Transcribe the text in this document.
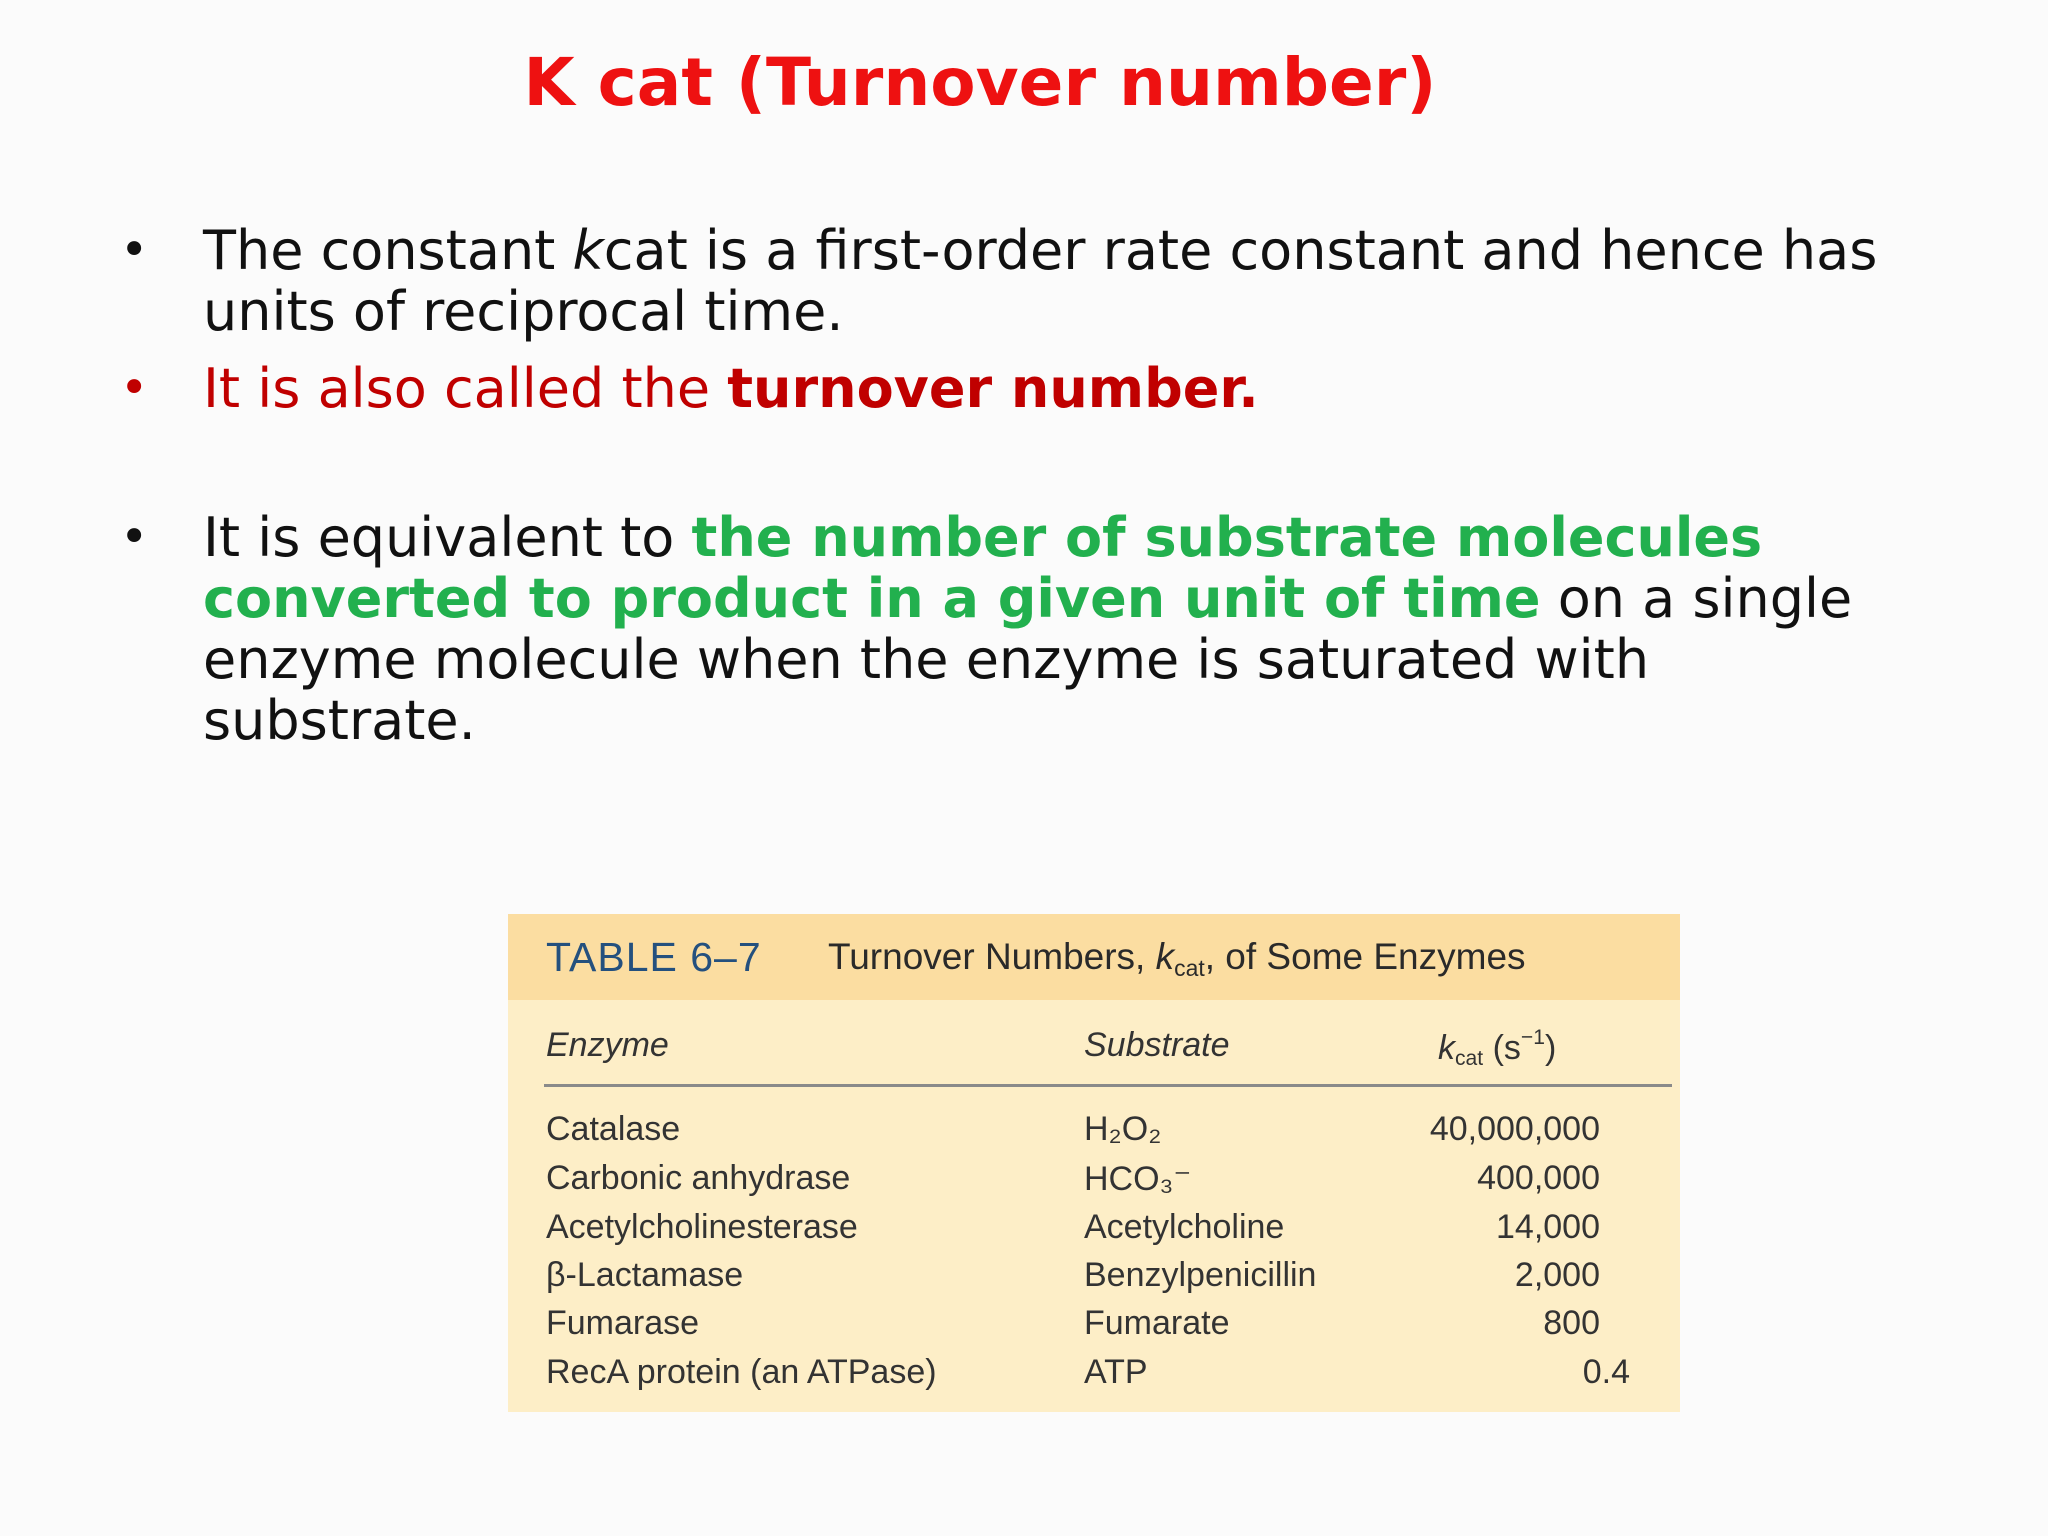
K cat (Turnover number)
• The constant kcat is a first-order rate constant and hence has units of reciprocal time.
• It is also called the turnover number.
• It is equivalent to the number of substrate molecules converted to product in a given unit of time on a single enzyme molecule when the enzyme is saturated with substrate.
TABLE 6–7 Turnover Numbers, $k_{cat}$, of Some Enzymes
Enzyme	Substrate	$k_{cat}$ $(s^{-1})$
Catalase	H₂O₂	40,000,000
Carbonic anhydrase	HCO₃⁻	400,000
Acetylcholinesterase	Acetylcholine	14,000
β-Lactamase	Benzylpenicillin	2,000
Fumarase	Fumarate	800
RecA protein (an ATPase)	ATP	0.4
